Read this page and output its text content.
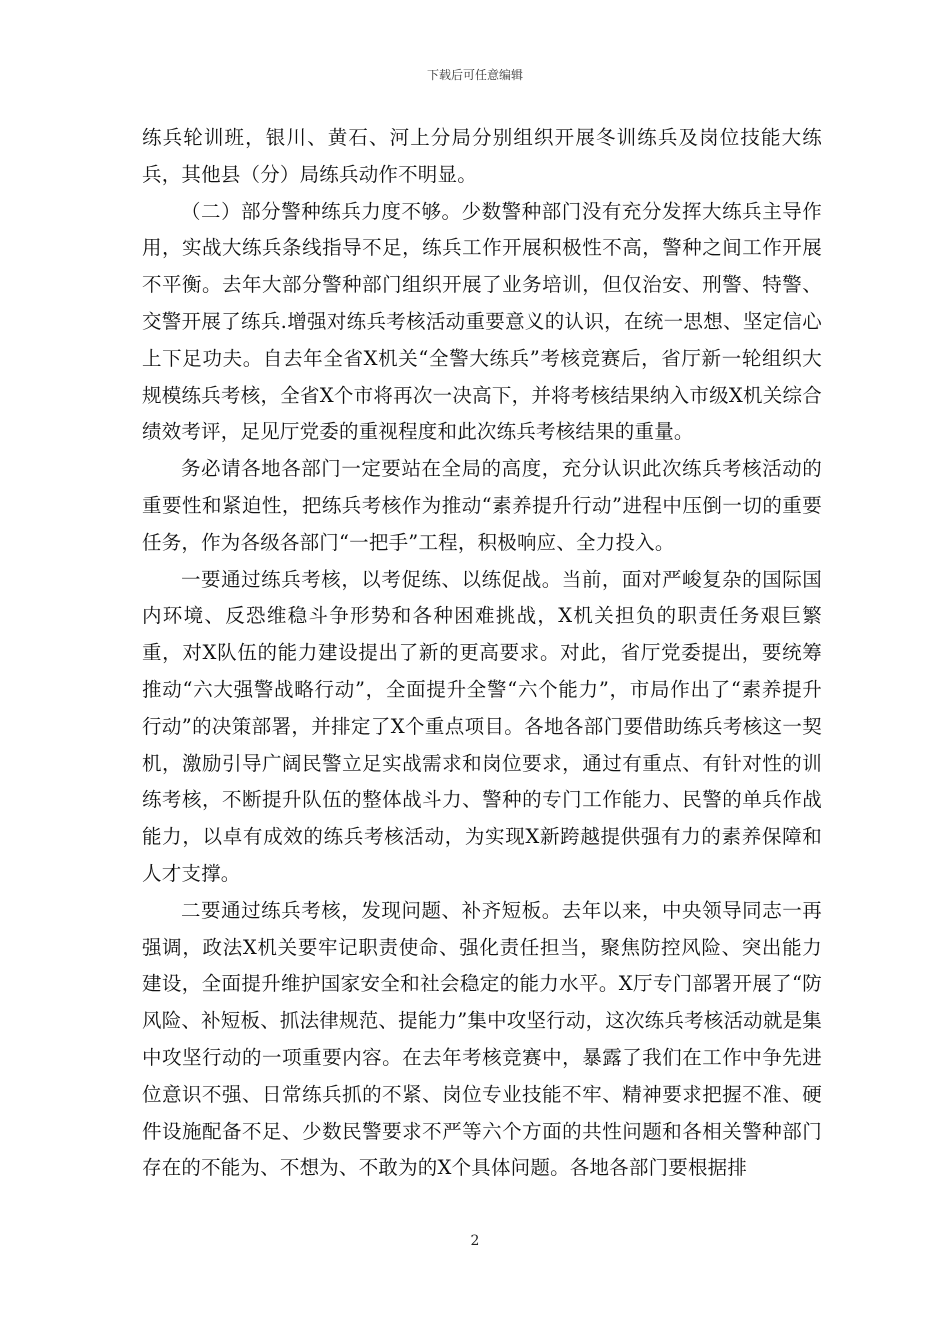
下载后可任意编辑

练兵轮训班，银川、黄石、河上分局分别组织开展冬训练兵及岗位技能大练兵，其他县（分）局练兵动作不明显。

（二）部分警种练兵力度不够。少数警种部门没有充分发挥大练兵主导作用，实战大练兵条线指导不足，练兵工作开展积极性不高，警种之间工作开展不平衡。去年大部分警种部门组织开展了业务培训，但仅治安、刑警、特警、交警开展了练兵.增强对练兵考核活动重要意义的认识，在统一思想、坚定信心上下足功夫。自去年全省X机关“全警大练兵”考核竞赛后，省厅新一轮组织大规模练兵考核，全省X个市将再次一决高下，并将考核结果纳入市级X机关综合绩效考评，足见厅党委的重视程度和此次练兵考核结果的重量。

务必请各地各部门一定要站在全局的高度，充分认识此次练兵考核活动的重要性和紧迫性，把练兵考核作为推动“素养提升行动”进程中压倒一切的重要任务，作为各级各部门“一把手”工程，积极响应、全力投入。

一要通过练兵考核，以考促练、以练促战。当前，面对严峻复杂的国际国内环境、反恐维稳斗争形势和各种困难挑战，X机关担负的职责任务艰巨繁重，对X队伍的能力建设提出了新的更高要求。对此，省厅党委提出，要统筹推动“六大强警战略行动”，全面提升全警“六个能力”，市局作出了“素养提升行动”的决策部署，并排定了X个重点项目。各地各部门要借助练兵考核这一契机，激励引导广阔民警立足实战需求和岗位要求，通过有重点、有针对性的训练考核，不断提升队伍的整体战斗力、警种的专门工作能力、民警的单兵作战能力，以卓有成效的练兵考核活动，为实现X新跨越提供强有力的素养保障和人才支撑。

二要通过练兵考核，发现问题、补齐短板。去年以来，中央领导同志一再强调，政法X机关要牢记职责使命、强化责任担当，聚焦防控风险、突出能力建设，全面提升维护国家安全和社会稳定的能力水平。X厅专门部署开展了“防风险、补短板、抓法律规范、提能力”集中攻坚行动，这次练兵考核活动就是集中攻坚行动的一项重要内容。在去年考核竞赛中，暴露了我们在工作中争先进位意识不强、日常练兵抓的不紧、岗位专业技能不牢、精神要求把握不准、硬件设施配备不足、少数民警要求不严等六个方面的共性问题和各相关警种部门存在的不能为、不想为、不敢为的X个具体问题。各地各部门要根据排

2
